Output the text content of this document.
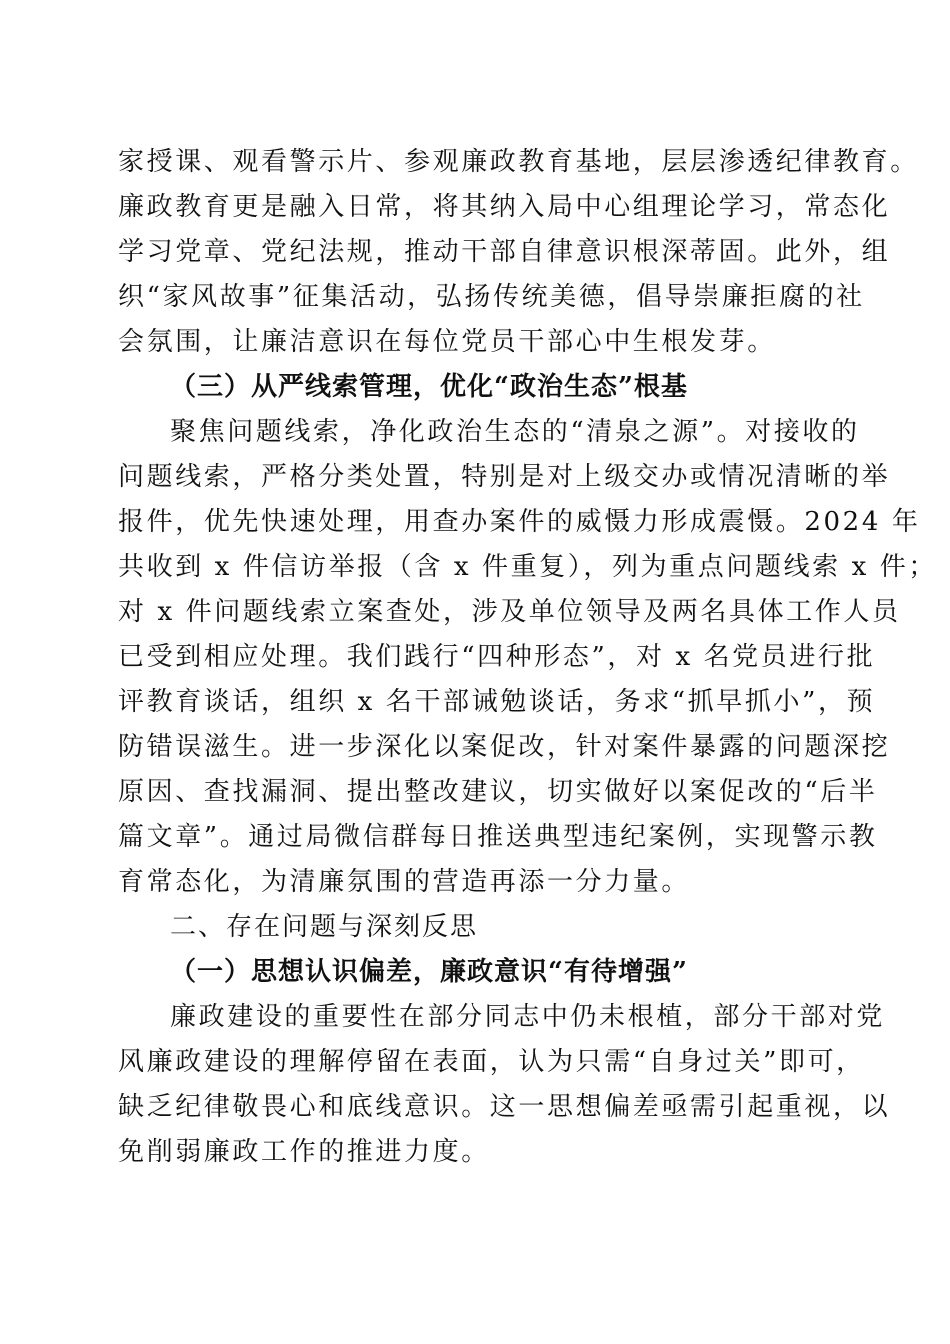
家授课、观看警示片、参观廉政教育基地，层层渗透纪律教育。
廉政教育更是融入日常，将其纳入局中心组理论学习，常态化
学习党章、党纪法规，推动干部自律意识根深蒂固。此外，组
织“家风故事”征集活动，弘扬传统美德，倡导崇廉拒腐的社
会氛围，让廉洁意识在每位党员干部心中生根发芽。
（三）从严线索管理，优化“政治生态”根基
聚焦问题线索，净化政治生态的“清泉之源”。对接收的
问题线索，严格分类处置，特别是对上级交办或情况清晰的举
报件，优先快速处理，用查办案件的威慑力形成震慑。2024 年
共收到 x 件信访举报（含 x 件重复），列为重点问题线索 x 件；
对 x 件问题线索立案查处，涉及单位领导及两名具体工作人员
已受到相应处理。我们践行“四种形态”，对 x 名党员进行批
评教育谈话，组织 x 名干部诫勉谈话，务求“抓早抓小”，预
防错误滋生。进一步深化以案促改，针对案件暴露的问题深挖
原因、查找漏洞、提出整改建议，切实做好以案促改的“后半
篇文章”。通过局微信群每日推送典型违纪案例，实现警示教
育常态化，为清廉氛围的营造再添一分力量。
二、存在问题与深刻反思
（一）思想认识偏差，廉政意识“有待增强”
廉政建设的重要性在部分同志中仍未根植，部分干部对党
风廉政建设的理解停留在表面，认为只需“自身过关”即可，
缺乏纪律敬畏心和底线意识。这一思想偏差亟需引起重视，以
免削弱廉政工作的推进力度。
